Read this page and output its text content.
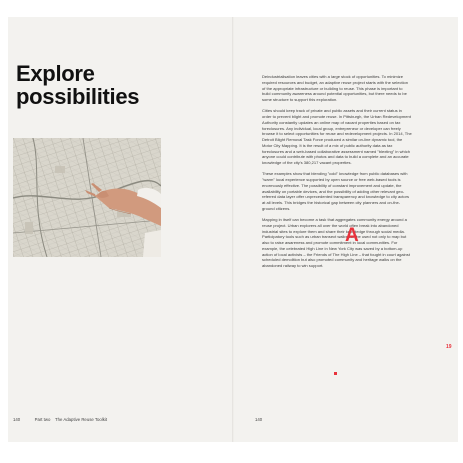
Explore
possibilities
140	Part two The Adaptive Reuse Toolkit

Deindustrialisation leaves cities with a large stock of opportunities. To minimize required resources and budget, an adaptive reuse project starts with the selection of the appropriate infrastructure or building to reuse. This phase is important to build community awareness around potential opportunities, but there needs to be some structure to support this exploration.

Cities should keep track of private and public assets and their current status in order to prevent blight and promote reuse. In Pittsburgh, the Urban Redevelopment Authority constantly updates an online map of vacant properties based on tax foreclosures. Any individual, local group, entrepreneur or developer can freely browse it to select opportunities for reuse and redevelopment projects. In 2014, The Detroit Blight Removal Task Force produced a similar on-line dynamic tool, the Motor City Mapping. It is the result of a mix of public authority data as tax foreclosures and a web-based collaborative assessment named "blexting" in which anyone could contribute with photos and data to build a complete and an accurate knowledge of the city's 380,217 vacant properties.

These examples show that blending "cold" knowledge from public databases with "warm" local experience supported by open source or free web-based tools is enormously effective. The possibility of constant improvement and update, the availability on portable devices, and the possibility of adding other relevant geo-referred data layer offer unprecedented transparency and knowledge to city actors at all levels. This bridges the historical gap between city planners and on-the-ground citizens.

Mapping in itself can become a task that aggregates community energy around a reuse project. Urban explorers all over the world often break into abandoned industrial sites to explore them and share their knowledge through social media. Participatory tools such as urban transect walks can be used not only to map but also to raise awareness and promote commitment in local communities. For example, the celebrated High Line in New York City was saved by a bottom-up action of local activists – the Friends of The High Line – that fought in court against scheduled demolition but also promoted community and heritage walks on the abandoned railway to win support.

A
19
140
